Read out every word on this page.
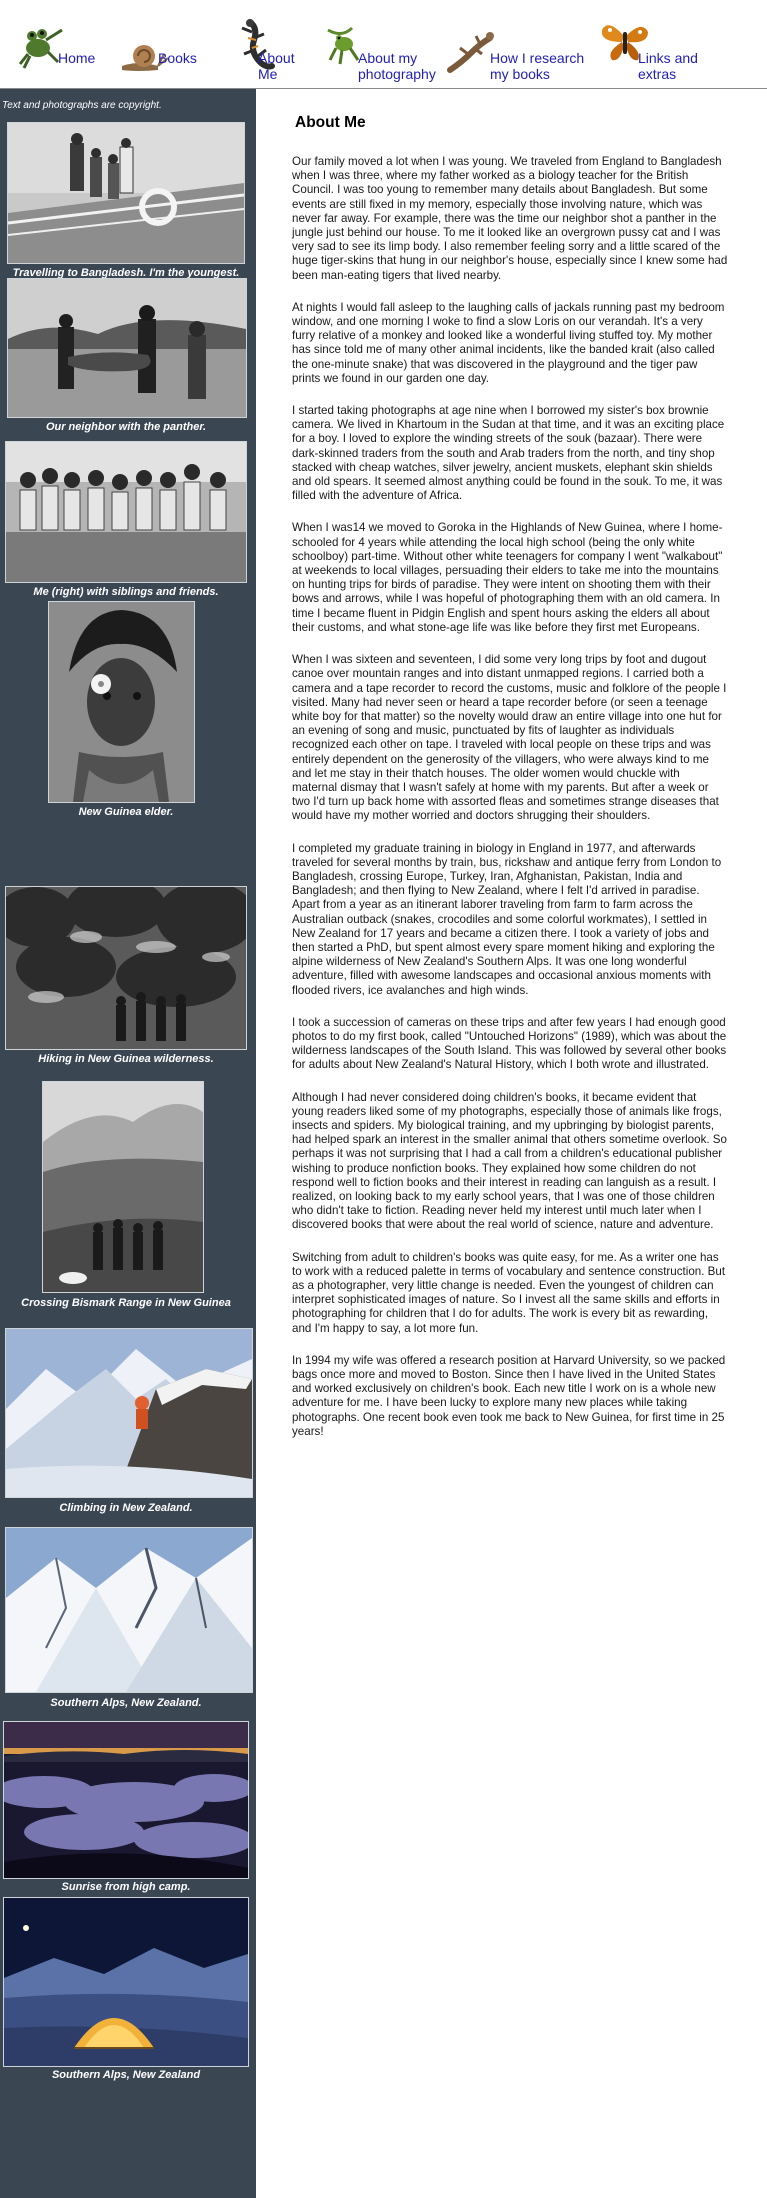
Home	Books	About Me
About my photography
How I research my books
Links and extras
Text and photographs are copyright.
Travelling to Bangladesh. I'm the youngest.
Our neighbor with the panther.
Me (right) with siblings and friends.
New Guinea elder.
Hiking in New Guinea wilderness.
Crossing Bismark Range in New Guinea
Climbing in New Zealand.
Southern Alps, New Zealand.
Sunrise from high camp.
Southern Alps, New Zealand
About Me

Our family moved a lot when I was young. We traveled from England to Bangladesh when I was three, where my father worked as a biology teacher for the British Council. I was too young to remember many details about Bangladesh. But some events are still fixed in my memory, especially those involving nature, which was never far away. For example, there was the time our neighbor shot a panther in the jungle just behind our house. To me it looked like an overgrown pussy cat and I was very sad to see its limp body. I also remember feeling sorry and a little scared of the huge tiger-skins that hung in our neighbor's house, especially since I knew some had been man-eating tigers that lived nearby.

At nights I would fall asleep to the laughing calls of jackals running past my bedroom window, and one morning I woke to find a slow Loris on our verandah. It's a very furry relative of a monkey and looked like a wonderful living stuffed toy. My mother has since told me of many other animal incidents, like the banded krait (also called the one-minute snake) that was discovered in the playground and the tiger paw prints we found in our garden one day.

I started taking photographs at age nine when I borrowed my sister's box brownie camera. We lived in Khartoum in the Sudan at that time, and it was an exciting place for a boy. I loved to explore the winding streets of the souk (bazaar). There were dark-skinned traders from the south and Arab traders from the north, and tiny shop stacked with cheap watches, silver jewelry, ancient muskets, elephant skin shields and old spears. It seemed almost anything could be found in the souk. To me, it was filled with the adventure of Africa.

When I was14 we moved to Goroka in the Highlands of New Guinea, where I home-schooled for 4 years while attending the local high school (being the only white schoolboy) part-time. Without other white teenagers for company I went "walkabout" at weekends to local villages, persuading their elders to take me into the mountains on hunting trips for birds of paradise. They were intent on shooting them with their bows and arrows, while I was hopeful of photographing them with an old camera. In time I became fluent in Pidgin English and spent hours asking the elders all about their customs, and what stone-age life was like before they first met Europeans.

When I was sixteen and seventeen, I did some very long trips by foot and dugout canoe over mountain ranges and into distant unmapped regions. I carried both a camera and a tape recorder to record the customs, music and folklore of the people I visited. Many had never seen or heard a tape recorder before (or seen a teenage white boy for that matter) so the novelty would draw an entire village into one hut for an evening of song and music, punctuated by fits of laughter as individuals recognized each other on tape. I traveled with local people on these trips and was entirely dependent on the generosity of the villagers, who were always kind to me and let me stay in their thatch houses. The older women would chuckle with maternal dismay that I wasn't safely at home with my parents. But after a week or two I'd turn up back home with assorted fleas and sometimes strange diseases that would have my mother worried and doctors shrugging their shoulders.

I completed my graduate training in biology in England in 1977, and afterwards traveled for several months by train, bus, rickshaw and antique ferry from London to Bangladesh, crossing Europe, Turkey, Iran, Afghanistan, Pakistan, India and Bangladesh; and then flying to New Zealand, where I felt I'd arrived in paradise. Apart from a year as an itinerant laborer traveling from farm to farm across the Australian outback (snakes, crocodiles and some colorful workmates), I settled in New Zealand for 17 years and became a citizen there. I took a variety of jobs and then started a PhD, but spent almost every spare moment hiking and exploring the alpine wilderness of New Zealand's Southern Alps. It was one long wonderful adventure, filled with awesome landscapes and occasional anxious moments with flooded rivers, ice avalanches and high winds.

I took a succession of cameras on these trips and after few years I had enough good photos to do my first book, called "Untouched Horizons" (1989), which was about the wilderness landscapes of the South Island. This was followed by several other books for adults about New Zealand's Natural History, which I both wrote and illustrated.

Although I had never considered doing children's books, it became evident that young readers liked some of my photographs, especially those of animals like frogs, insects and spiders. My biological training, and my upbringing by biologist parents, had helped spark an interest in the smaller animal that others sometime overlook. So perhaps it was not surprising that I had a call from a children's educational publisher wishing to produce nonfiction books. They explained how some children do not respond well to fiction books and their interest in reading can languish as a result. I realized, on looking back to my early school years, that I was one of those children who didn't take to fiction. Reading never held my interest until much later when I discovered books that were about the real world of science, nature and adventure.

Switching from adult to children's books was quite easy, for me. As a writer one has to work with a reduced palette in terms of vocabulary and sentence construction. But as a photographer, very little change is needed. Even the youngest of children can interpret sophisticated images of nature. So I invest all the same skills and efforts in photographing for children that I do for adults. The work is every bit as rewarding, and I'm happy to say, a lot more fun.

In 1994 my wife was offered a research position at Harvard University, so we packed bags once more and moved to Boston. Since then I have lived in the United States and worked exclusively on children's book. Each new title I work on is a whole new adventure for me. I have been lucky to explore many new places while taking photographs. One recent book even took me back to New Guinea, for first time in 25 years!
